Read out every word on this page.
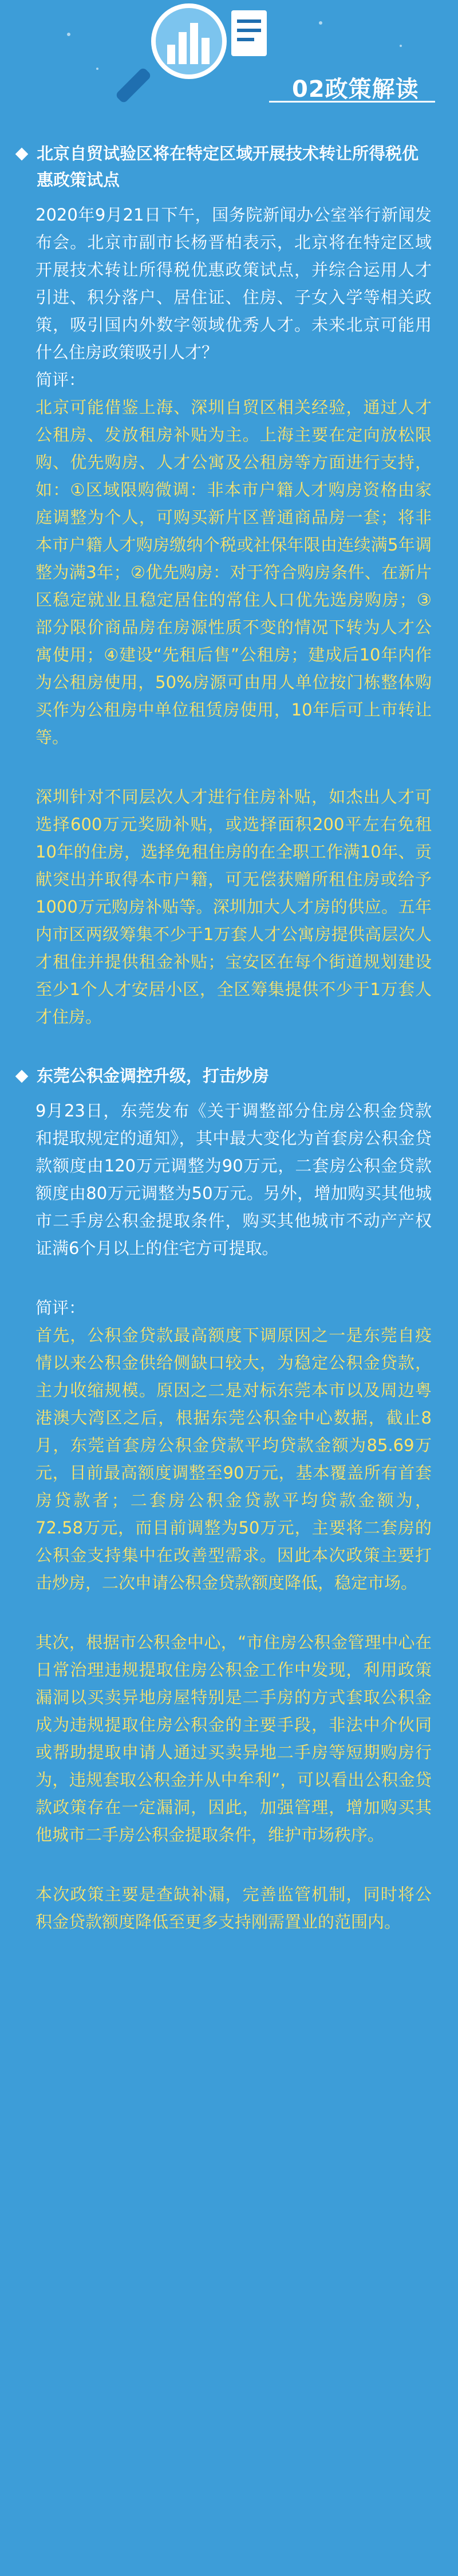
02政策解读
北京自贸试验区将在特定区域开展技术转让所得税优惠政策试点
2020年9月21日下午，国务院新闻办公室举行新闻发布会。北京市副市长杨晋柏表示，北京将在特定区域开展技术转让所得税优惠政策试点，并综合运用人才引进、积分落户、居住证、住房、子女入学等相关政策，吸引国内外数字领域优秀人才。未来北京可能用什么住房政策吸引人才？
简评：
北京可能借鉴上海、深圳自贸区相关经验，通过人才公租房、发放租房补贴为主。上海主要在定向放松限购、优先购房、人才公寓及公租房等方面进行支持，如：①区域限购微调：非本市户籍人才购房资格由家庭调整为个人，可购买新片区普通商品房一套；将非本市户籍人才购房缴纳个税或社保年限由连续满5年调整为满3年；②优先购房：对于符合购房条件、在新片区稳定就业且稳定居住的常住人口优先选房购房；③部分限价商品房在房源性质不变的情况下转为人才公寓使用；④建设“先租后售”公租房；建成后10年内作为公租房使用，50%房源可由用人单位按门栋整体购买作为公租房中单位租赁房使用，10年后可上市转让等。
深圳针对不同层次人才进行住房补贴，如杰出人才可选择600万元奖励补贴，或选择面积200平左右免租10年的住房，选择免租住房的在全职工作满10年、贡献突出并取得本市户籍，可无偿获赠所租住房或给予1000万元购房补贴等。深圳加大人才房的供应。五年内市区两级筹集不少于1万套人才公寓房提供高层次人才租住并提供租金补贴；宝安区在每个街道规划建设至少1个人才安居小区，全区筹集提供不少于1万套人才住房。
东莞公积金调控升级，打击炒房
9月23日，东莞发布《关于调整部分住房公积金贷款和提取规定的通知》，其中最大变化为首套房公积金贷款额度由120万元调整为90万元，二套房公积金贷款额度由80万元调整为50万元。另外，增加购买其他城市二手房公积金提取条件，购买其他城市不动产产权证满6个月以上的住宅方可提取。
简评：
首先，公积金贷款最高额度下调原因之一是东莞自疫情以来公积金供给侧缺口较大，为稳定公积金贷款，主力收缩规模。原因之二是对标东莞本市以及周边粤港澳大湾区之后，根据东莞公积金中心数据，截止8月，东莞首套房公积金贷款平均贷款金额为85.69万元，目前最高额度调整至90万元，基本覆盖所有首套房贷款者；二套房公积金贷款平均贷款金额为，72.58万元，而目前调整为50万元，主要将二套房的公积金支持集中在改善型需求。因此本次政策主要打击炒房，二次申请公积金贷款额度降低，稳定市场。
其次，根据市公积金中心，“市住房公积金管理中心在日常治理违规提取住房公积金工作中发现，利用政策漏洞以买卖异地房屋特别是二手房的方式套取公积金成为违规提取住房公积金的主要手段，非法中介伙同或帮助提取申请人通过买卖异地二手房等短期购房行为，违规套取公积金并从中牟利”，可以看出公积金贷款政策存在一定漏洞，因此，加强管理，增加购买其他城市二手房公积金提取条件，维护市场秩序。
本次政策主要是查缺补漏，完善监管机制，同时将公积金贷款额度降低至更多支持刚需置业的范围内。
